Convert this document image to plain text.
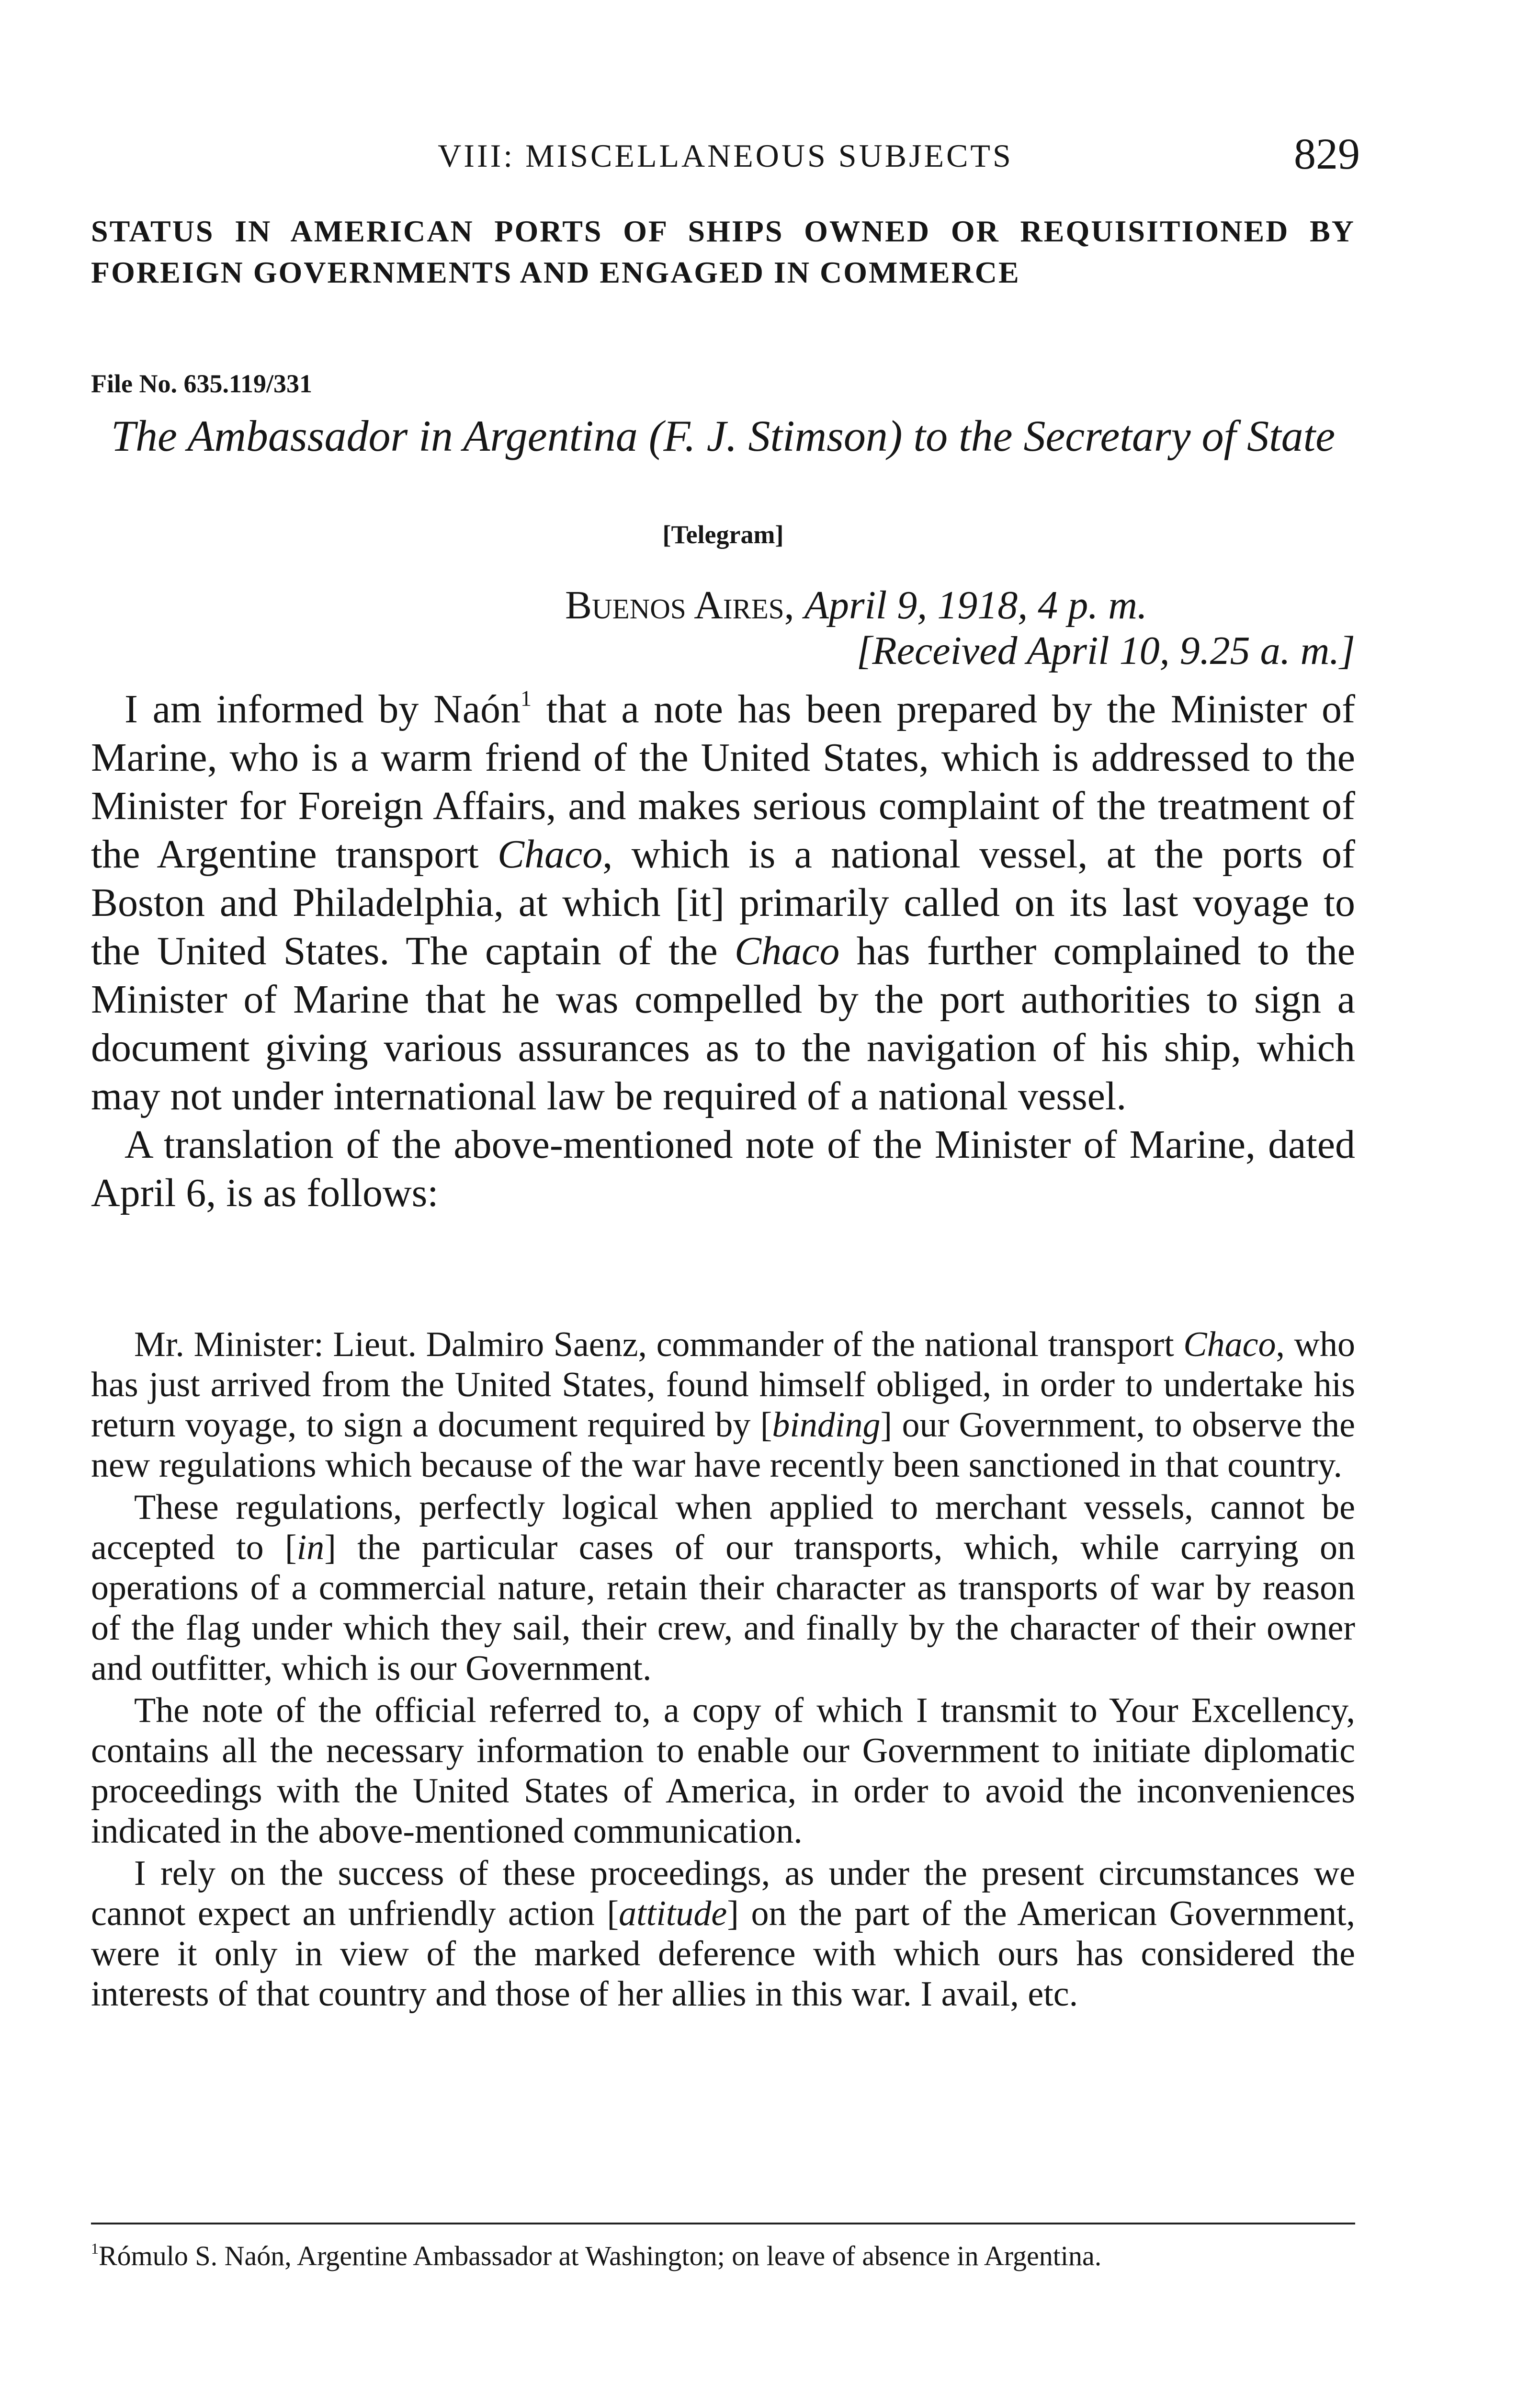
VIII: MISCELLANEOUS SUBJECTS	829
STATUS IN AMERICAN PORTS OF SHIPS OWNED OR REQUISITIONED BY FOREIGN GOVERNMENTS AND ENGAGED IN COMMERCE
File No. 635.119/331
The Ambassador in Argentina (F. J. Stimson) to the Secretary of State
[Telegram]
Buenos Aires, April 9, 1918, 4 p. m.
[Received April 10, 9.25 a. m.]

I am informed by Naón$^1$ that a note has been prepared by the Minister of Marine, who is a warm friend of the United States, which is addressed to the Minister for Foreign Affairs, and makes serious complaint of the treatment of the Argentine transport Chaco, which is a national vessel, at the ports of Boston and Philadelphia, at which [it] primarily called on its last voyage to the United States. The captain of the Chaco has further complained to the Minister of Marine that he was compelled by the port authorities to sign a document giving various assurances as to the navigation of his ship, which may not under international law be required of a national vessel.

A translation of the above-mentioned note of the Minister of Marine, dated April 6, is as follows:

Mr. Minister: Lieut. Dalmiro Saenz, commander of the national transport Chaco, who has just arrived from the United States, found himself obliged, in order to undertake his return voyage, to sign a document required by [binding] our Government, to observe the new regulations which because of the war have recently been sanctioned in that country.

These regulations, perfectly logical when applied to merchant vessels, cannot be accepted to [in] the particular cases of our transports, which, while carrying on operations of a commercial nature, retain their character as transports of war by reason of the flag under which they sail, their crew, and finally by the character of their owner and outfitter, which is our Government.

The note of the official referred to, a copy of which I transmit to Your Excellency, contains all the necessary information to enable our Government to initiate diplomatic proceedings with the United States of America, in order to avoid the inconveniences indicated in the above-mentioned communication.

I rely on the success of these proceedings, as under the present circumstances we cannot expect an unfriendly action [attitude] on the part of the American Government, were it only in view of the marked deference with which ours has considered the interests of that country and those of her allies in this war. I avail, etc.

$^1$Rómulo S. Naón, Argentine Ambassador at Washington; on leave of absence in Argentina.
